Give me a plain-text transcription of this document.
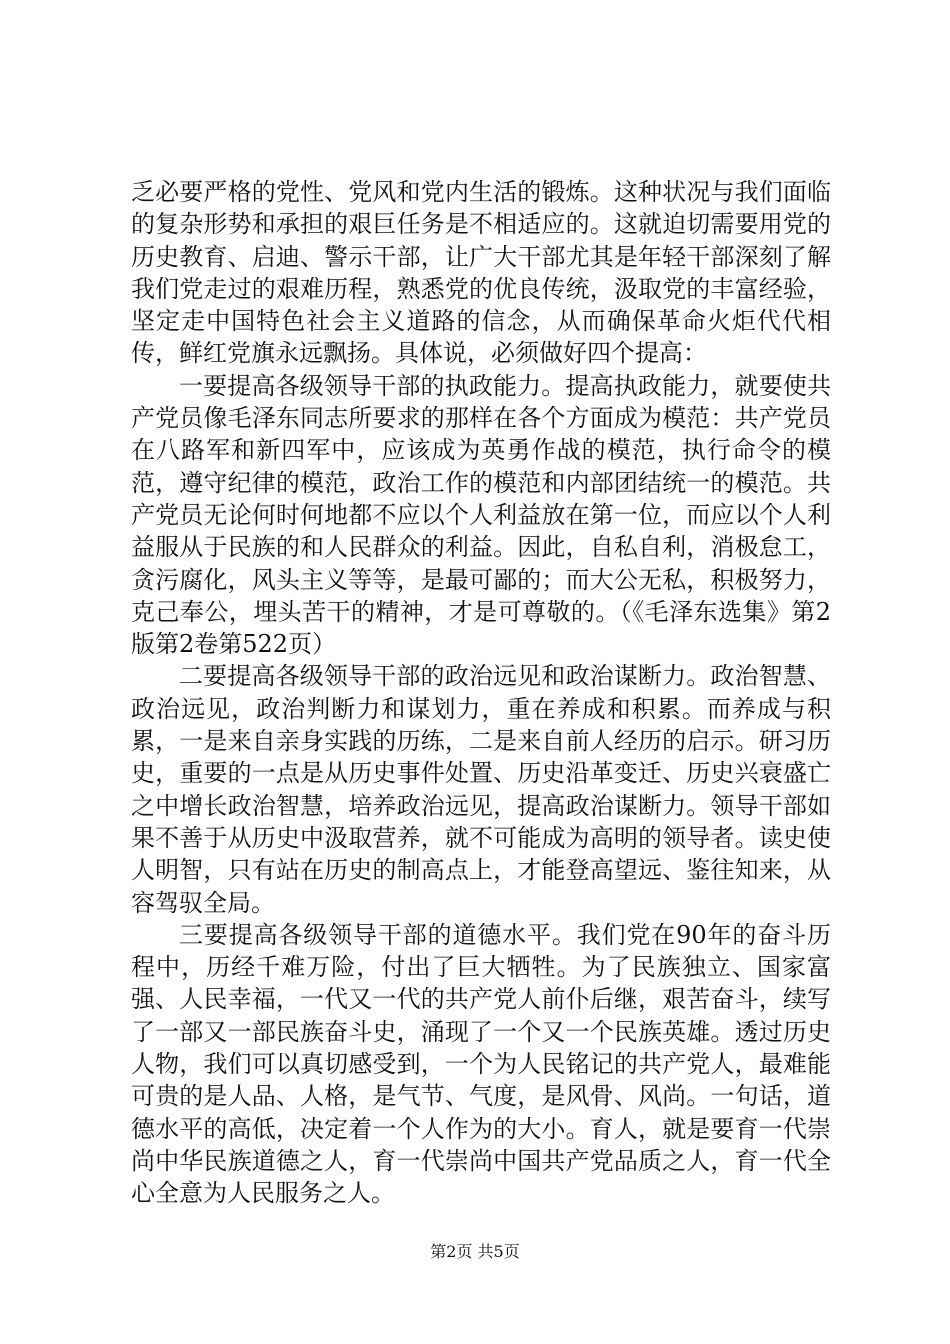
乏必要严格的党性、党风和党内生活的锻炼。这种状况与我们面临的复杂形势和承担的艰巨任务是不相适应的。这就迫切需要用党的历史教育、启迪、警示干部，让广大干部尤其是年轻干部深刻了解我们党走过的艰难历程，熟悉党的优良传统，汲取党的丰富经验，坚定走中国特色社会主义道路的信念，从而确保革命火炬代代相传，鲜红党旗永远飘扬。具体说，必须做好四个提高：

一要提高各级领导干部的执政能力。提高执政能力，就要使共产党员像毛泽东同志所要求的那样在各个方面成为模范：共产党员在八路军和新四军中，应该成为英勇作战的模范，执行命令的模范，遵守纪律的模范，政治工作的模范和内部团结统一的模范。共产党员无论何时何地都不应以个人利益放在第一位，而应以个人利益服从于民族的和人民群众的利益。因此，自私自利，消极怠工，贪污腐化，风头主义等等，是最可鄙的；而大公无私，积极努力，克己奉公，埋头苦干的精神，才是可尊敬的。（《毛泽东选集》第2版第2卷第522页）

二要提高各级领导干部的政治远见和政治谋断力。政治智慧、政治远见，政治判断力和谋划力，重在养成和积累。而养成与积累，一是来自亲身实践的历练，二是来自前人经历的启示。研习历史，重要的一点是从历史事件处置、历史沿革变迁、历史兴衰盛亡之中增长政治智慧，培养政治远见，提高政治谋断力。领导干部如果不善于从历史中汲取营养，就不可能成为高明的领导者。读史使人明智，只有站在历史的制高点上，才能登高望远、鉴往知来，从容驾驭全局。

三要提高各级领导干部的道德水平。我们党在90年的奋斗历程中，历经千难万险，付出了巨大牺牲。为了民族独立、国家富强、人民幸福，一代又一代的共产党人前仆后继，艰苦奋斗，续写了一部又一部民族奋斗史，涌现了一个又一个民族英雄。透过历史人物，我们可以真切感受到，一个为人民铭记的共产党人，最难能可贵的是人品、人格，是气节、气度，是风骨、风尚。一句话，道德水平的高低，决定着一个人作为的大小。育人，就是要育一代崇尚中华民族道德之人，育一代崇尚中国共产党品质之人，育一代全心全意为人民服务之人。

第2页 共5页
